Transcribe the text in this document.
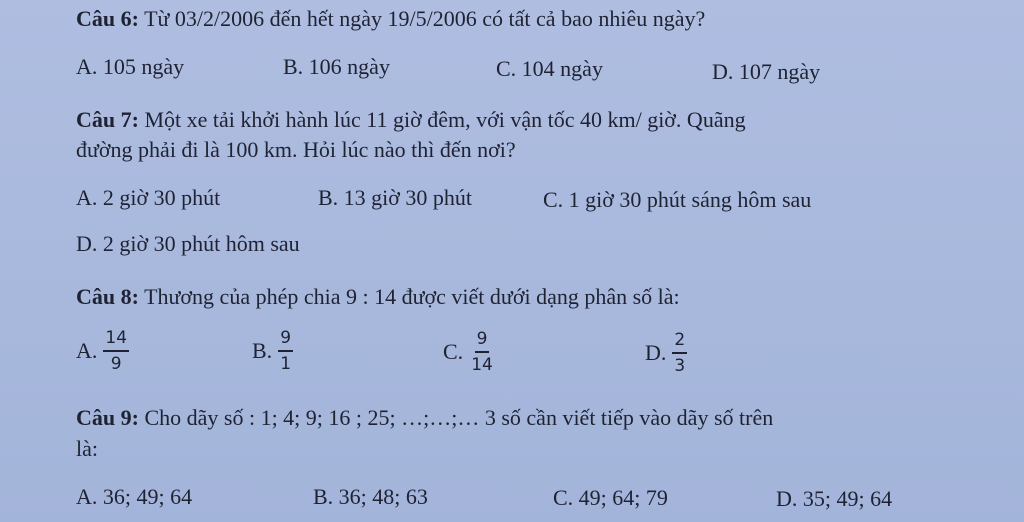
Câu 6: Từ 03/2/2006 đến hết ngày 19/5/2006 có tất cả bao nhiêu ngày?
A. 105 ngày	B. 106 ngày	C. 104 ngày	D. 107 ngày
Câu 7: Một xe tải khởi hành lúc 11 giờ đêm, với vận tốc 40 km/ giờ. Quãng
đường phải đi là 100 km. Hỏi lúc nào thì đến nơi?
A. 2 giờ 30 phút	B. 13 giờ 30 phút	C. 1 giờ 30 phút sáng hôm sau
D. 2 giờ 30 phút hôm sau
Câu 8: Thương của phép chia 9 : 14 được viết dưới dạng phân số là:
A. $\frac{14}{9}$	B. $\frac{9}{1}$	C. $\frac{9}{14}$	D. $\frac{2}{3}$
Câu 9: Cho dãy số : 1; 4; 9; 16 ; 25; …;…;… 3 số cần viết tiếp vào dãy số trên
là:
A. 36; 49; 64	B. 36; 48; 63	C. 49; 64; 79	D. 35; 49; 64
